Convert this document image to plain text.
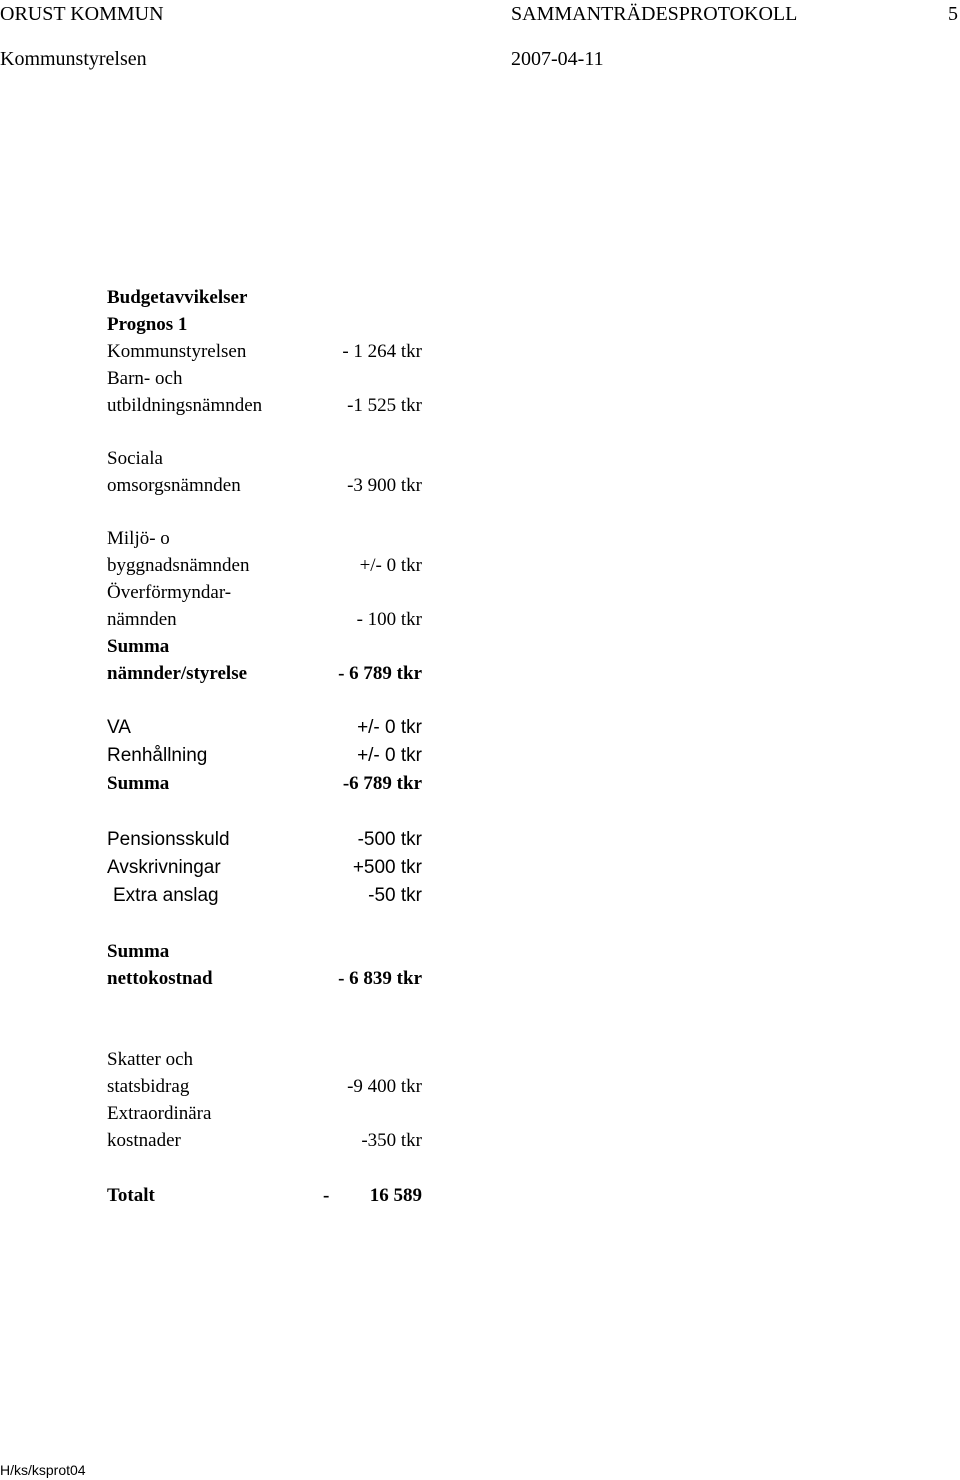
ORUST KOMMUN	SAMMANTRÄDESPROTOKOLL	5
Kommunstyrelsen	2007-04-11
Budgetavvikelser
Prognos 1
Kommunstyrelsen	- 1 264 tkr
Barn- och
utbildningsnämnden	-1 525 tkr
Sociala
omsorgsnämnden	-3 900 tkr
Miljö- o
byggnadsnämnden	+/- 0 tkr
Överförmyndar-
nämnden	- 100 tkr
Summa
nämnder/styrelse	- 6 789 tkr
VA	+/- 0 tkr
Renhållning	+/- 0 tkr
Summa	-6 789 tkr
Pensionsskuld	-500 tkr
Avskrivningar	+500 tkr
Extra anslag	-50 tkr
Summa
nettokostnad	- 6 839 tkr
Skatter och
statsbidrag	-9 400 tkr
Extraordinära
kostnader	-350 tkr
Totalt	- 16 589
H/ks/ksprot04
